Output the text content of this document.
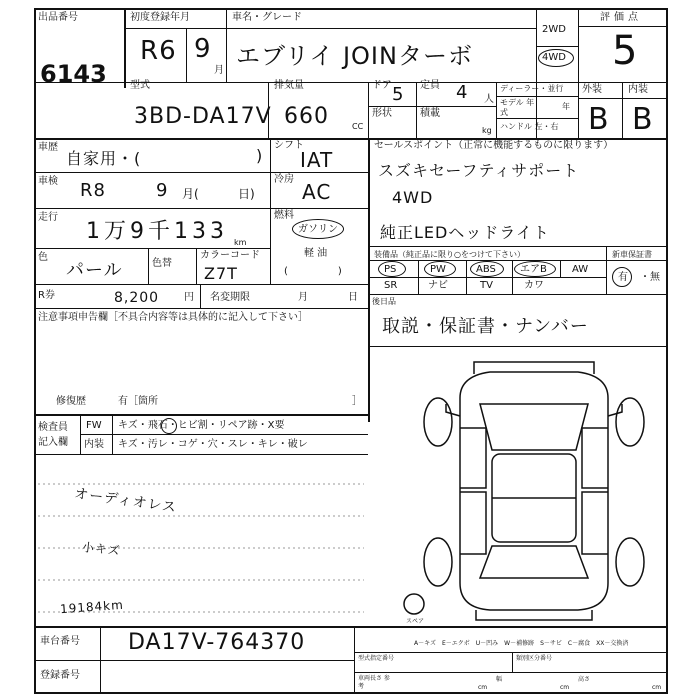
出品番号
6143
初度登録年月
R6 9
月
車名・グレード
エブリイ JOINターボ
2WD
4WD
評価点
5
型式
3BD-DA17V
排気量
660	CC
ドア 5 定員 4 人
形状	積載
kg
ディーラー・並行
モデル 年式
年
ハンドル 左・右
外装	内装
B B
車歴
自家用・(	)
シフト
IAT
車検 R8	9 月(	日)
冷房
AC
走行
1万9千133 km
燃料
ガソリン
軽 油
(　　　　　)
色
パール	色替
カラーコード
Z7T
R券	8,200 円 名変期限	月	日
注意事項申告欄［不具合内容等は具体的に記入して下さい］
修復歴	有［箇所	］
検査員 記入欄
FW キズ・飛石・ヒビ割・リペア跡・X要
内装 キズ・汚レ・コゲ・穴・スレ・キレ・破レ
オーディオレス
小キズ
19184km
セールスポイント（正常に機能するものに限ります）
スズキセーフティサポート
4WD
純正LEDヘッドライト
装備品（純正品に限り○をつけて下さい）	新車保証書
PS	PW	ABS エアB	AW
SR	ナビ	TV	カワ
有 ・無
後日品
取説・保証書・ナンバー
スペア
車台番号 DA17V-764370
登録番号
A－キズ　E－エクボ　U－凹み　W－補修跡　S－サビ　C－腐食　XX－交換済
型式指定番号	類別区分番号
車両長さ 参考	cm
幅
cm
高さ
cm
